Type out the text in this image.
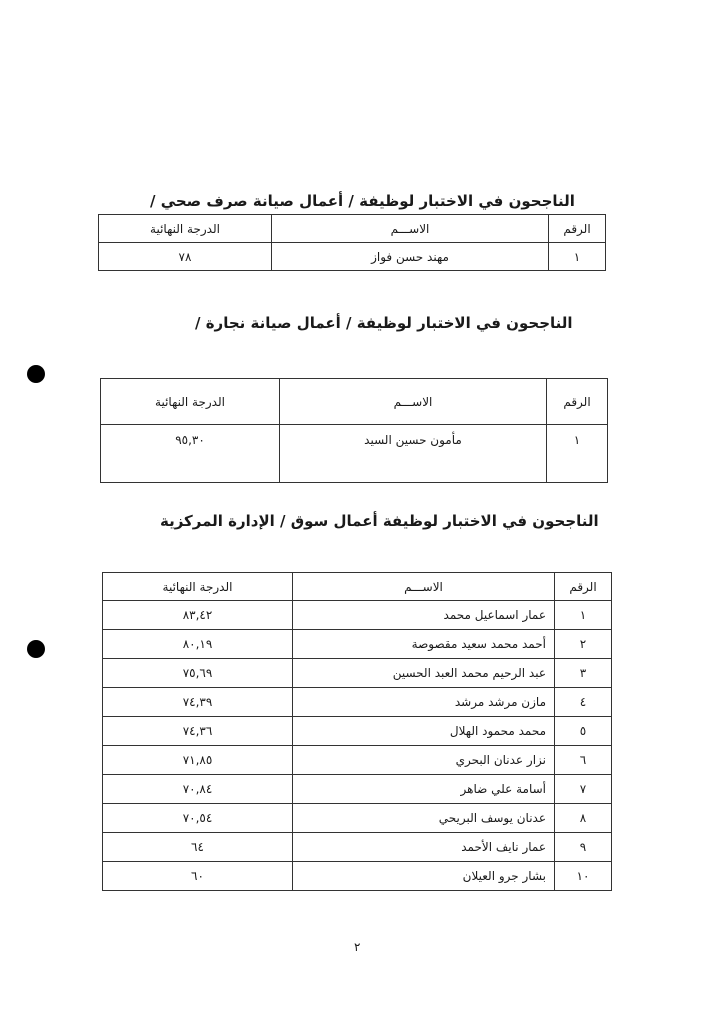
الناجحون في الاختبار لوظيفة / أعمال صيانة صرف صحي /
الرقم	الاســـم	الدرجة النهائية
١	مهند حسن فواز	٧٨
الناجحون في الاختبار لوظيفة / أعمال صيانة نجارة /
الرقم	الاســـم	الدرجة النهائية
١	مأمون حسين السيد	٩٥,٣٠
الناجحون في الاختبار لوظيفة أعمال سوق / الإدارة المركزية
الرقم	الاســـم	الدرجة النهائية
١	عمار اسماعيل محمد	٨٣,٤٢
٢	أحمد محمد سعيد مقصوصة	٨٠,١٩
٣	عبد الرحيم محمد العبد الحسين	٧٥,٦٩
٤	مازن مرشد مرشد	٧٤,٣٩
٥	محمد محمود الهلال	٧٤,٣٦
٦	نزار عدنان البحري	٧١,٨٥
٧	أسامة علي ضاهر	٧٠,٨٤
٨	عدنان يوسف البريحي	٧٠,٥٤
٩	عمار نايف الأحمد	٦٤
١٠	بشار جرو العيلان	٦٠
٢
